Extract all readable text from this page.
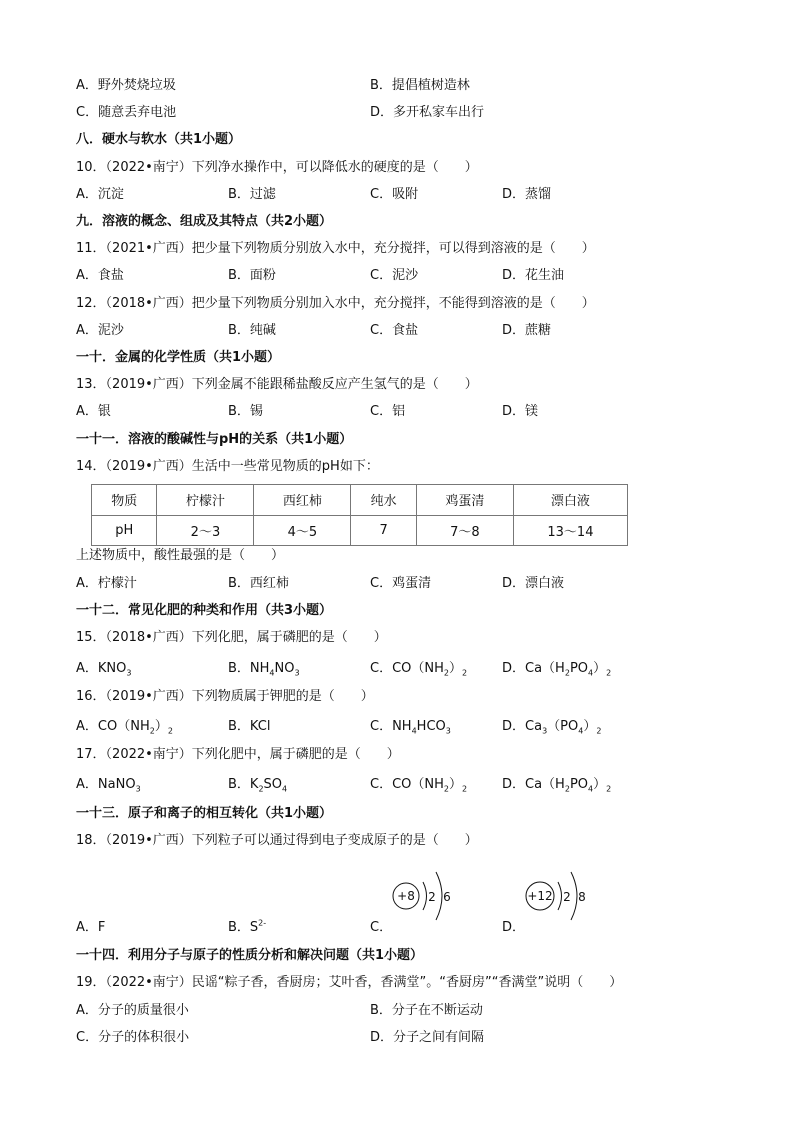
A．野外焚烧垃圾	B．提倡植树造林
C．随意丢弃电池	D．多开私家车出行
八．硬水与软水（共1小题）
10．（2022•南宁）下列净水操作中，可以降低水的硬度的是（　　）
A．沉淀	B．过滤	C．吸附	D．蒸馏
九．溶液的概念、组成及其特点（共2小题）
11．（2021•广西）把少量下列物质分别放入水中，充分搅拌，可以得到溶液的是（　　）
A．食盐	B．面粉	C．泥沙	D．花生油
12．（2018•广西）把少量下列物质分别加入水中，充分搅拌，不能得到溶液的是（　　）
A．泥沙	B．纯碱	C．食盐	D．蔗糖
一十．金属的化学性质（共1小题）
13．（2019•广西）下列金属不能跟稀盐酸反应产生氢气的是（　　）
A．银	B．锡	C．铝	D．镁
一十一．溶液的酸碱性与pH的关系（共1小题）
14．（2019•广西）生活中一些常见物质的pH如下：
物质	柠檬汁	西红柿	纯水	鸡蛋清	漂白液
pH	2～3	4～5	7	7～8	13～14
上述物质中，酸性最强的是（　　）
A．柠檬汁	B．西红柿	C．鸡蛋清	D．漂白液
一十二．常见化肥的种类和作用（共3小题）
15．（2018•广西）下列化肥，属于磷肥的是（　　）
A．$KNO_3$	B．$NH_4NO_3$	C．$CO(NH_2)_2$	D．$Ca(H_2PO_4)_2$
16．（2019•广西）下列物质属于钾肥的是（　　）
A．$CO(NH_2)_2$	B．KCl	C．$NH_4HCO_3$	D．$Ca_3(PO_4)_2$
17．（2022•南宁）下列化肥中，属于磷肥的是（　　）
A．NaNO$_3$	B．$K_2SO_4$	C．$CO(NH_2)_2$	D．$Ca(H_2PO_4)_2$
一十三．原子和离子的相互转化（共1小题）
18．（2019•广西）下列粒子可以通过得到电子变成原子的是（　　）
+8 2 6	+12 2 8
A．F	B．$S^{2-}$	C．	D．
一十四．利用分子与原子的性质分析和解决问题（共1小题）
19．（2022•南宁）民谣“粽子香，香厨房；艾叶香，香满堂”。“香厨房”“香满堂”说明（　　）
A．分子的质量很小	B．分子在不断运动
C．分子的体积很小	D．分子之间有间隔
